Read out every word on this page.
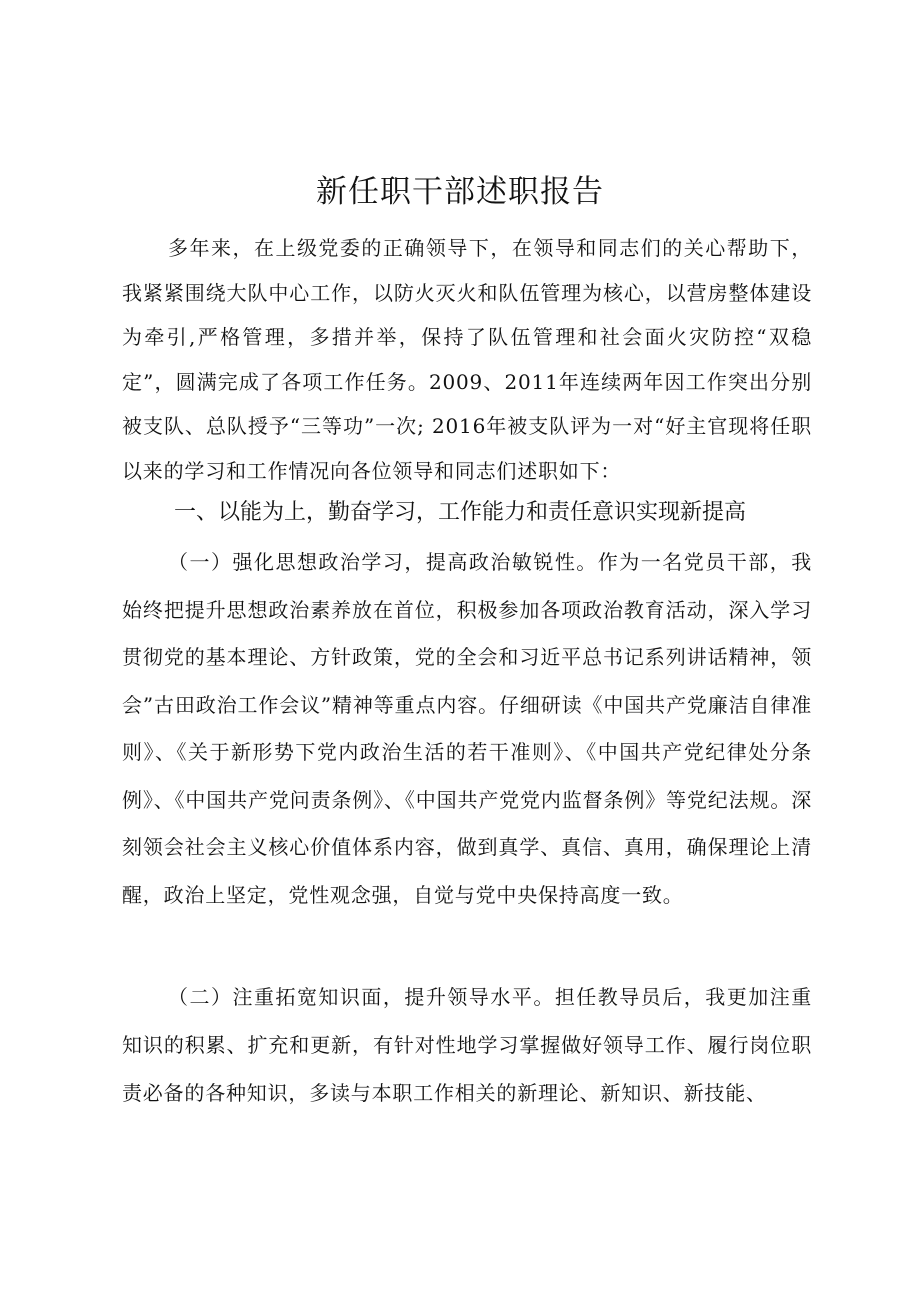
新任职干部述职报告

多年来，在上级党委的正确领导下，在领导和同志们的关心帮助下，我紧紧围绕大队中心工作，以防火灭火和队伍管理为核心，以营房整体建设为牵引,严格管理，多措并举，保持了队伍管理和社会面火灾防控“双稳定”，圆满完成了各项工作任务。2009、2011年连续两年因工作突出分别被支队、总队授予“三等功”一次; 2016年被支队评为一对“好主官现将任职以来的学习和工作情况向各位领导和同志们述职如下：

一、以能为上，勤奋学习，工作能力和责任意识实现新提高

（一）强化思想政治学习，提高政治敏锐性。作为一名党员干部，我始终把提升思想政治素养放在首位，积极参加各项政治教育活动，深入学习贯彻党的基本理论、方针政策，党的全会和习近平总书记系列讲话精神，领会”古田政治工作会议”精神等重点内容。仔细研读《中国共产党廉洁自律准则》、《关于新形势下党内政治生活的若干准则》、《中国共产党纪律处分条例》、《中国共产党问责条例》、《中国共产党党内监督条例》等党纪法规。深刻领会社会主义核心价值体系内容，做到真学、真信、真用，确保理论上清醒，政治上坚定，党性观念强，自觉与党中央保持高度一致。

（二）注重拓宽知识面，提升领导水平。担任教导员后，我更加注重知识的积累、扩充和更新，有针对性地学习掌握做好领导工作、履行岗位职责必备的各种知识，多读与本职工作相关的新理论、新知识、新技能、
